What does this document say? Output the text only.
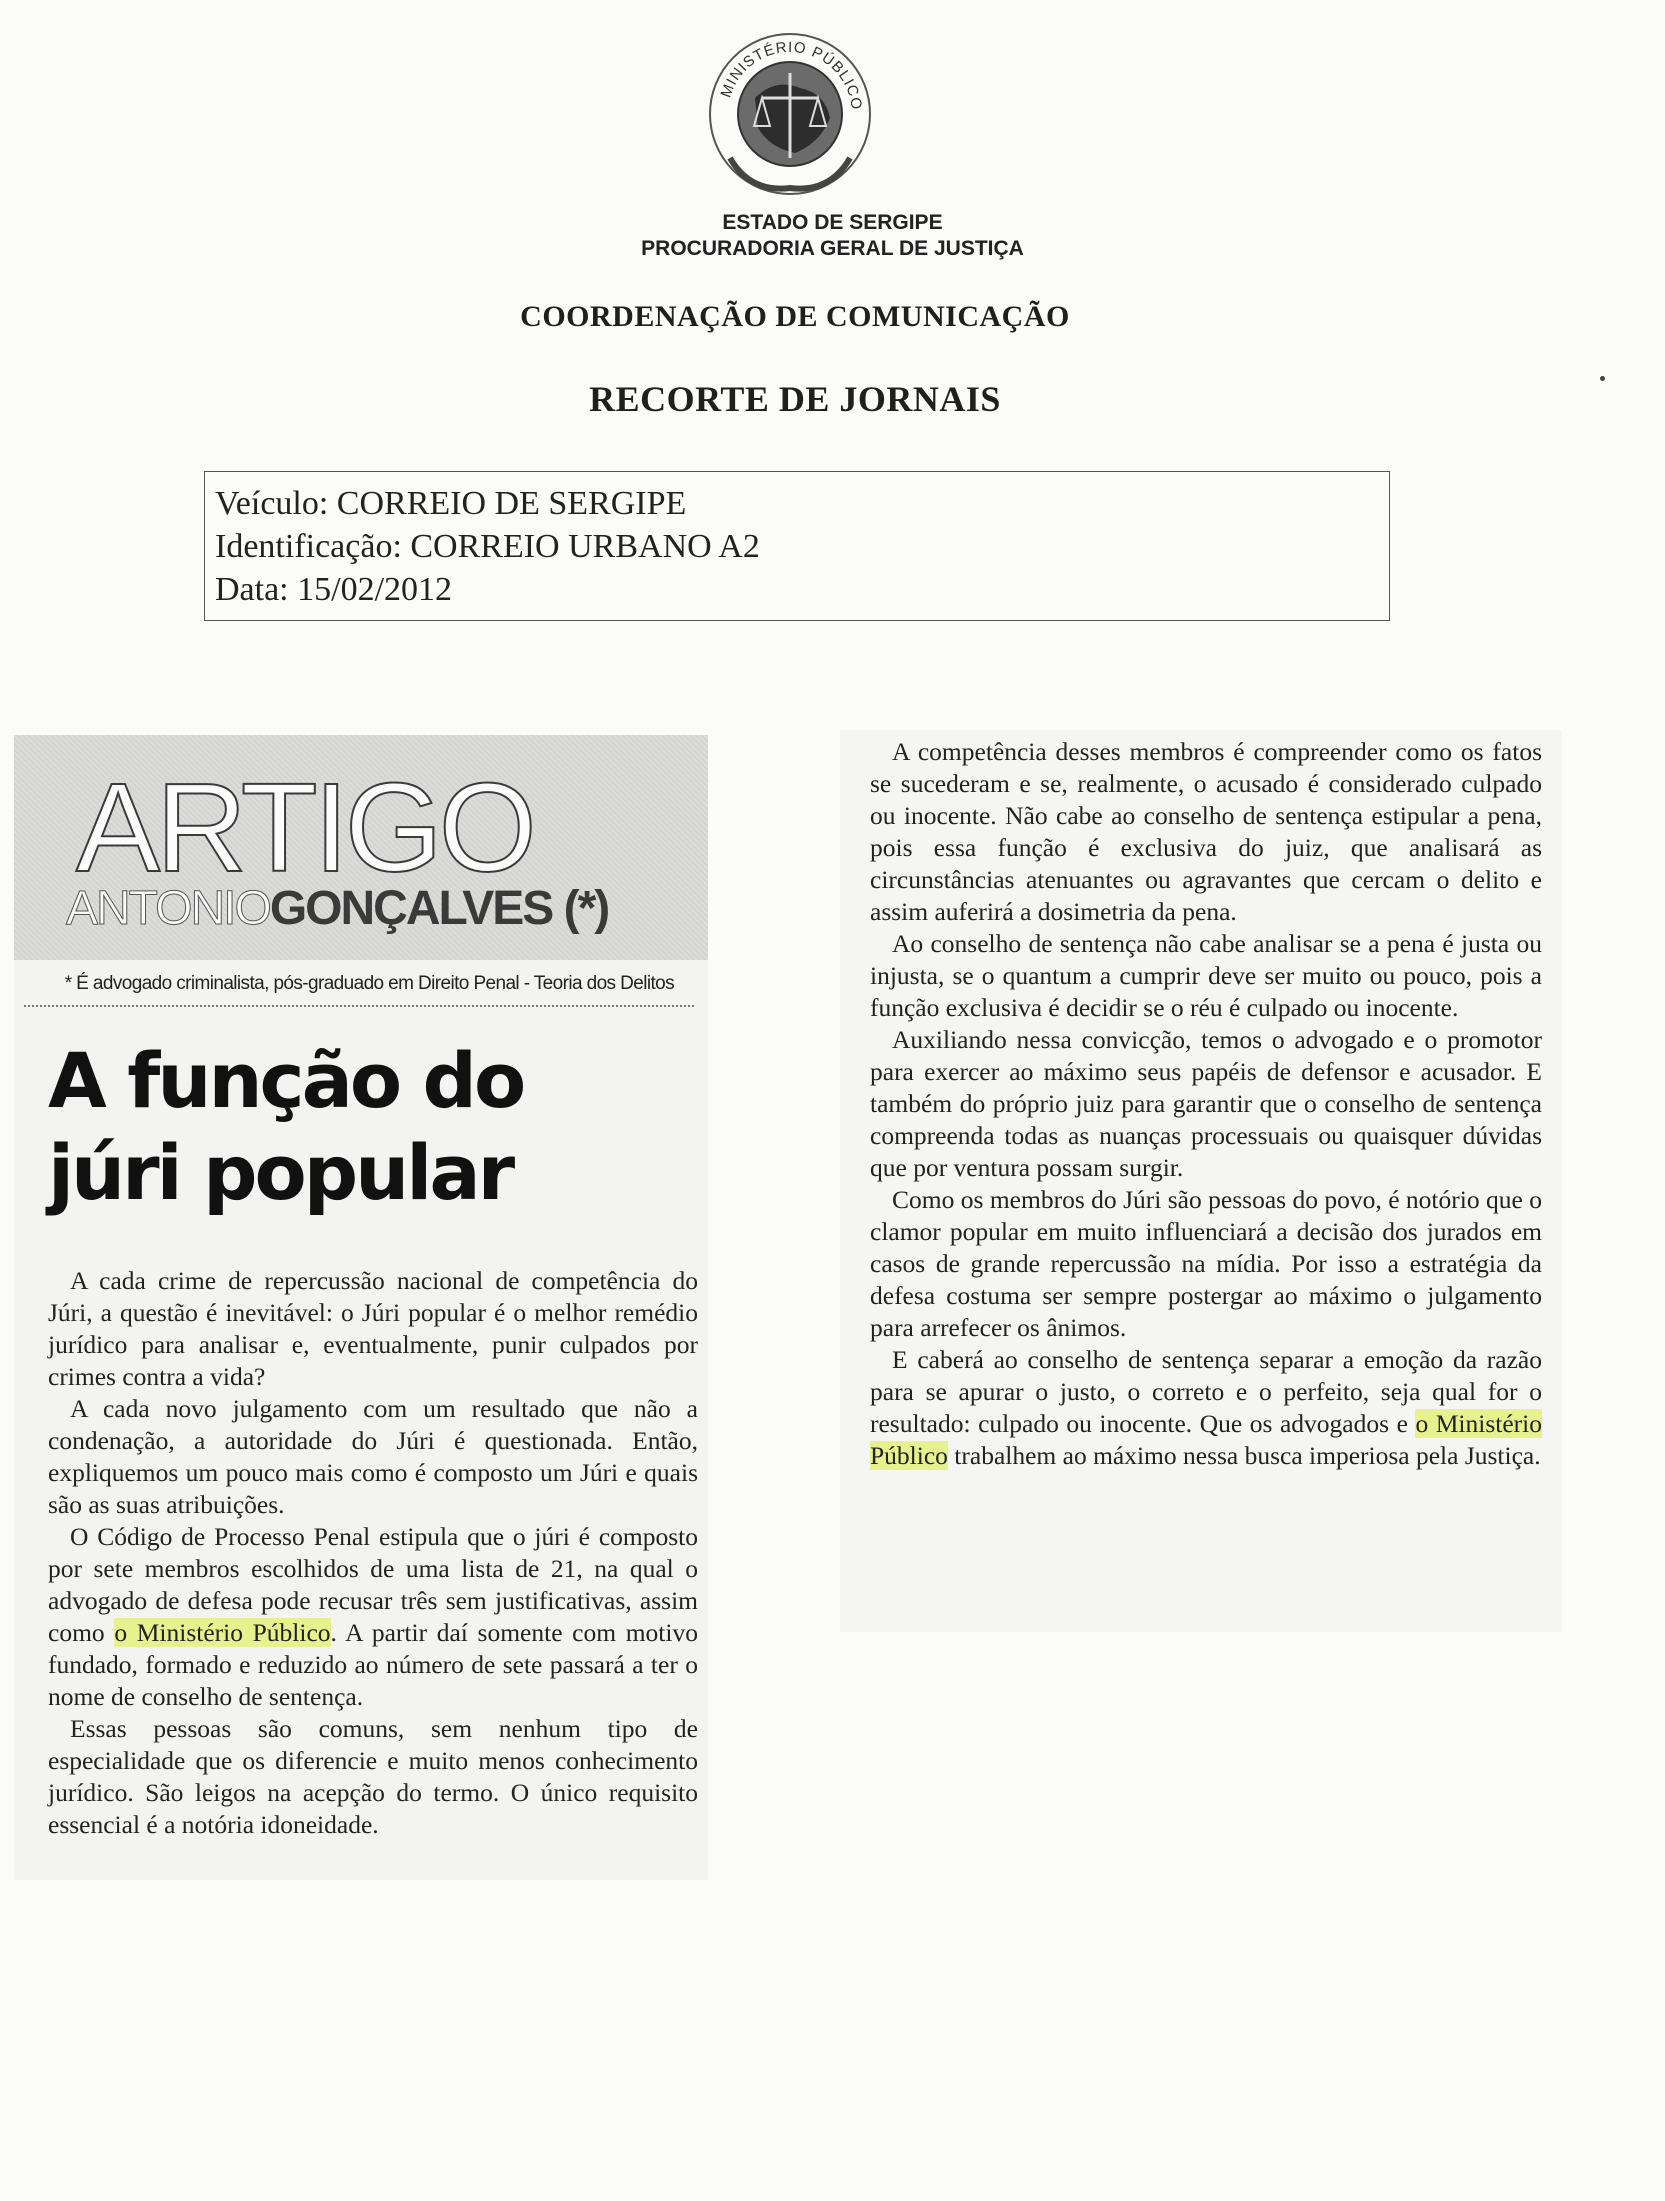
MINISTÉRIO PÚBLICO
ESTADO DE SERGIPE
PROCURADORIA GERAL DE JUSTIÇA
COORDENAÇÃO DE COMUNICAÇÃO
RECORTE DE JORNAIS
Veículo: CORREIO DE SERGIPE
Identificação: CORREIO URBANO A2
Data: 15/02/2012
ARTIGO
ANTONIOGONÇALVES (*)
* É advogado criminalista, pós-graduado em Direito Penal - Teoria dos Delitos
A função do
júri popular

A cada crime de repercussão nacional de competência do Júri, a questão é inevitável: o Júri popular é o melhor remédio jurídico para analisar e, eventualmente, punir culpados por crimes contra a vida?

A cada novo julgamento com um resultado que não a condenação, a autoridade do Júri é questionada. Então, expliquemos um pouco mais como é composto um Júri e quais são as suas atribuições.

O Código de Processo Penal estipula que o júri é composto por sete membros escolhidos de uma lista de 21, na qual o advogado de defesa pode recusar três sem justificativas, assim como o Ministério Público. A partir daí somente com motivo fundado, formado e reduzido ao número de sete passará a ter o nome de conselho de sentença.

Essas pessoas são comuns, sem nenhum tipo de especialidade que os diferencie e muito menos conhecimento jurídico. São leigos na acepção do termo. O único requisito essencial é a notória idoneidade.

A competência desses membros é compreender como os fatos se sucederam e se, realmente, o acusado é considerado culpado ou inocente. Não cabe ao conselho de sentença estipular a pena, pois essa função é exclusiva do juiz, que analisará as circunstâncias atenuantes ou agravantes que cercam o delito e assim auferirá a dosimetria da pena.

Ao conselho de sentença não cabe analisar se a pena é justa ou injusta, se o quantum a cumprir deve ser muito ou pouco, pois a função exclusiva é decidir se o réu é culpado ou inocente.

Auxiliando nessa convicção, temos o advogado e o promotor para exercer ao máximo seus papéis de defensor e acusador. E também do próprio juiz para garantir que o conselho de sentença compreenda todas as nuanças processuais ou quaisquer dúvidas que por ventura possam surgir.

Como os membros do Júri são pessoas do povo, é notório que o clamor popular em muito influenciará a decisão dos jurados em casos de grande repercussão na mídia. Por isso a estratégia da defesa costuma ser sempre postergar ao máximo o julgamento para arrefecer os ânimos.

E caberá ao conselho de sentença separar a emoção da razão para se apurar o justo, o correto e o perfeito, seja qual for o resultado: culpado ou inocente. Que os advogados e o Ministério Público trabalhem ao máximo nessa busca imperiosa pela Justiça.
